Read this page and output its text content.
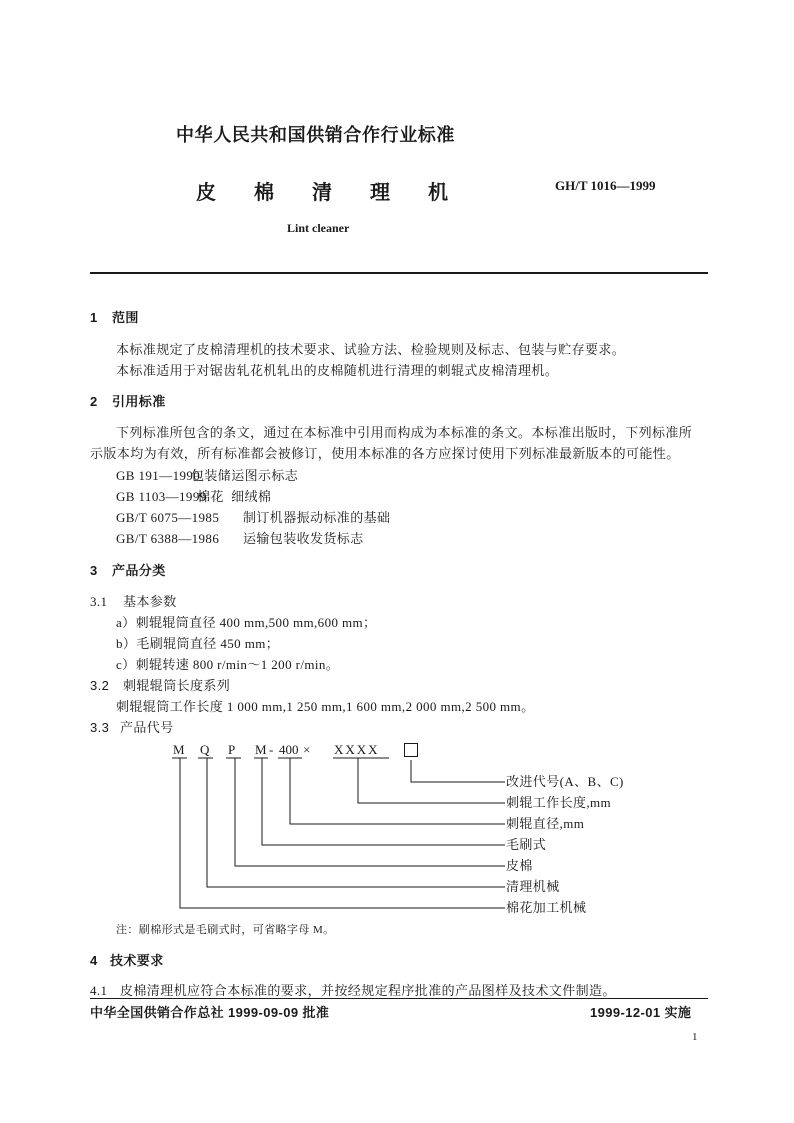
中华人民共和国供销合作行业标准
皮棉清理机	GH/T 1016—1999
Lint cleaner
1 范围
本标准规定了皮棉清理机的技术要求、试验方法、检验规则及标志、包装与贮存要求。
本标准适用于对锯齿轧花机轧出的皮棉随机进行清理的刺辊式皮棉清理机。
2 引用标准
下列标准所包含的条文，通过在本标准中引用而构成为本标准的条文。本标准出版时，下列标准所
示版本均为有效，所有标准都会被修订，使用本标准的各方应探讨使用下列标准最新版本的可能性。
GB 191—1990
包装储运图示标志
GB 1103—1999
棉花  细绒棉
GB/T 6075—1985 制订机器振动标准的基础
GB/T 6388—1986 运输包装收发货标志
3 产品分类
3.1 基本参数
a）刺辊辊筒直径 400 mm,500 mm,600 mm；
b）毛刷辊筒直径 450 mm；
c）刺辊转速 800 r/min～1 200 r/min。
3.2 刺辊辊筒长度系列
刺辊辊筒工作长度 1 000 mm,1 250 mm,1 600 mm,2 000 mm,2 500 mm。
3.3 产品代号
M Q P M - 400 × XXXX
改进代号(A、B、C)
刺辊工作长度,mm
刺辊直径,mm
毛刷式
皮棉
清理机械
棉花加工机械
注：刷棉形式是毛刷式时，可省略字母 M。
4 技术要求
4.1 皮棉清理机应符合本标准的要求，并按经规定程序批准的产品图样及技术文件制造。
中华全国供销合作总社 1999-09-09 批准	1999-12-01 实施
1
